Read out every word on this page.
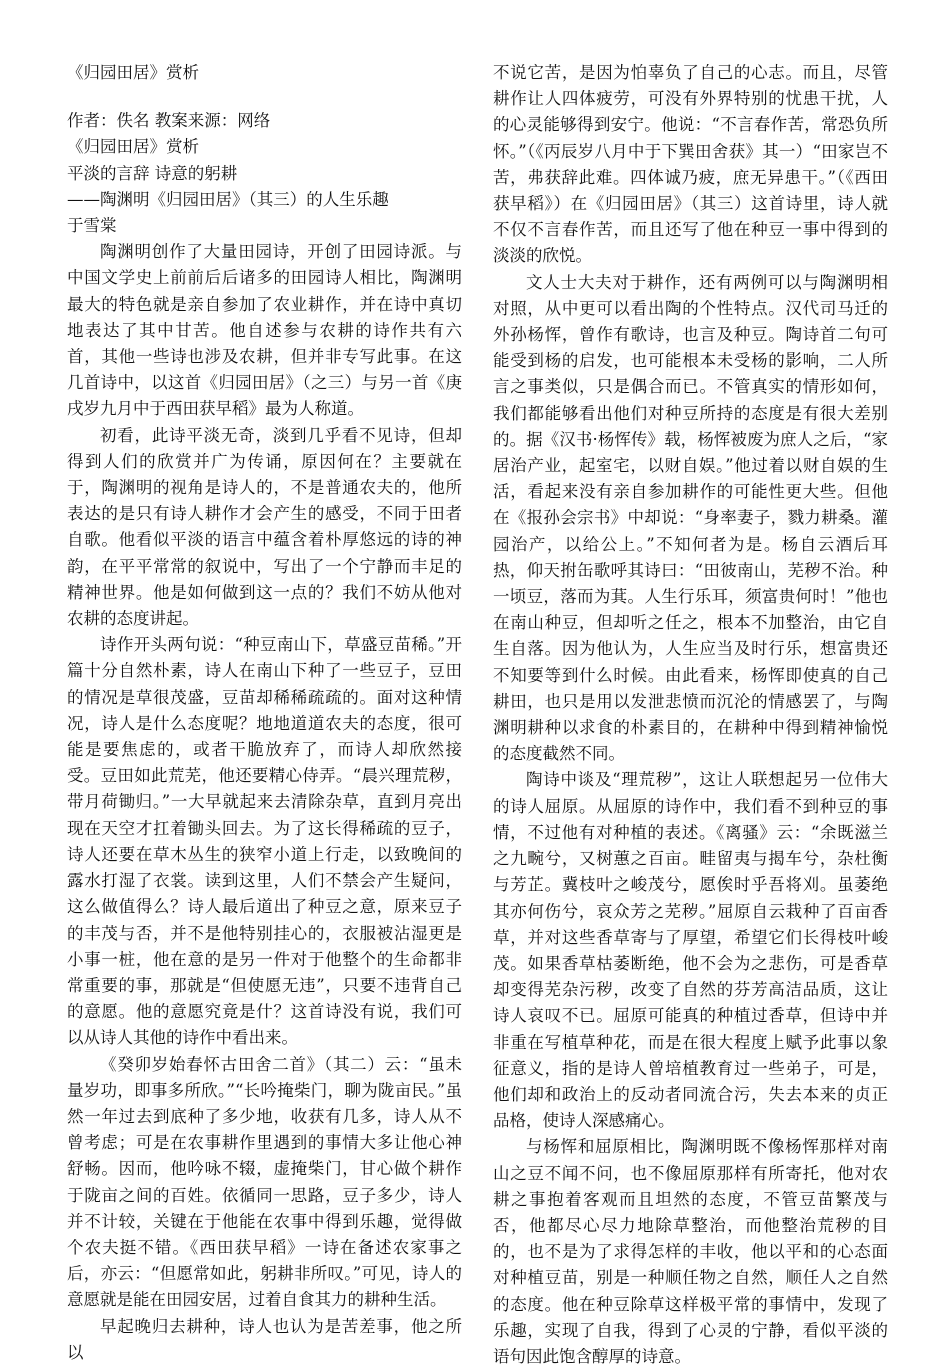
《归园田居》赏析

作者：佚名 教案来源：网络

《归园田居》赏析

平淡的言辞 诗意的躬耕

——陶渊明《归园田居》（其三）的人生乐趣

于雪棠

陶渊明创作了大量田园诗，开创了田园诗派。与中国文学史上前前后后诸多的田园诗人相比，陶渊明最大的特色就是亲自参加了农业耕作，并在诗中真切地表达了其中甘苦。他自述参与农耕的诗作共有六首，其他一些诗也涉及农耕，但并非专写此事。在这几首诗中，以这首《归园田居》（之三）与另一首《庚戌岁九月中于西田获早稻》最为人称道。

初看，此诗平淡无奇，淡到几乎看不见诗，但却得到人们的欣赏并广为传诵，原因何在？主要就在于，陶渊明的视角是诗人的，不是普通农夫的，他所表达的是只有诗人耕作才会产生的感受，不同于田者自歌。他看似平淡的语言中蕴含着朴厚悠远的诗的神韵，在平平常常的叙说中，写出了一个宁静而丰足的精神世界。他是如何做到这一点的？我们不妨从他对农耕的态度讲起。

诗作开头两句说：“种豆南山下，草盛豆苗稀。”开篇十分自然朴素，诗人在南山下种了一些豆子，豆田的情况是草很茂盛，豆苗却稀稀疏疏的。面对这种情况，诗人是什么态度呢？地地道道农夫的态度，很可能是要焦虑的，或者干脆放弃了，而诗人却欣然接受。豆田如此荒芜，他还要精心侍弄。“晨兴理荒秽，带月荷锄归。”一大早就起来去清除杂草，直到月亮出现在天空才扛着锄头回去。为了这长得稀疏的豆子，诗人还要在草木丛生的狭窄小道上行走，以致晚间的露水打湿了衣裳。读到这里，人们不禁会产生疑问，这么做值得么？诗人最后道出了种豆之意，原来豆子的丰茂与否，并不是他特别挂心的，衣服被沾湿更是小事一桩，他在意的是另一件对于他整个的生命都非常重要的事，那就是“但使愿无违”，只要不违背自己的意愿。他的意愿究竟是什？这首诗没有说，我们可以从诗人其他的诗作中看出来。

《癸卯岁始春怀古田舍二首》（其二）云：“虽未量岁功，即事多所欣。”“长吟掩柴门，聊为陇亩民。”虽然一年过去到底种了多少地，收获有几多，诗人从不曾考虑；可是在农事耕作里遇到的事情大多让他心神舒畅。因而，他吟咏不辍，虚掩柴门，甘心做个耕作于陇亩之间的百姓。依循同一思路，豆子多少，诗人并不计较，关键在于他能在农事中得到乐趣，觉得做个农夫挺不错。《西田获早稻》一诗在备述农家事之后，亦云：“但愿常如此，躬耕非所叹。”可见，诗人的意愿就是能在田园安居，过着自食其力的耕种生活。

早起晚归去耕种，诗人也认为是苦差事，他之所以

不说它苦，是因为怕辜负了自己的心志。而且，尽管耕作让人四体疲劳，可没有外界特别的忧患干扰，人的心灵能够得到安宁。他说：“不言春作苦，常恐负所怀。”（《丙辰岁八月中于下巽田舍获》其一）“田家岂不苦，弗获辞此难。四体诚乃疲，庶无异患干。”（《西田获早稻》）在《归园田居》（其三）这首诗里，诗人就不仅不言春作苦，而且还写了他在种豆一事中得到的淡淡的欣悦。

文人士大夫对于耕作，还有两例可以与陶渊明相对照，从中更可以看出陶的个性特点。汉代司马迁的外孙杨恽，曾作有歌诗，也言及种豆。陶诗首二句可能受到杨的启发，也可能根本未受杨的影响，二人所言之事类似，只是偶合而已。不管真实的情形如何，我们都能够看出他们对种豆所持的态度是有很大差别的。据《汉书·杨恽传》载，杨恽被废为庶人之后，“家居治产业，起室宅，以财自娱。”他过着以财自娱的生活，看起来没有亲自参加耕作的可能性更大些。但他在《报孙会宗书》中却说：“身率妻子，戮力耕桑。灌园治产，以给公上。”不知何者为是。杨自云酒后耳热，仰天拊缶歌呼其诗曰：“田彼南山，芜秽不治。种一顷豆，落而为萁。人生行乐耳，须富贵何时！”他也在南山种豆，但却听之任之，根本不加整治，由它自生自落。因为他认为，人生应当及时行乐，想富贵还不知要等到什么时候。由此看来，杨恽即使真的自己耕田，也只是用以发泄悲愤而沉沦的情感罢了，与陶渊明耕种以求食的朴素目的，在耕种中得到精神愉悦的态度截然不同。

陶诗中谈及“理荒秽”，这让人联想起另一位伟大的诗人屈原。从屈原的诗作中，我们看不到种豆的事情，不过他有对种植的表述。《离骚》云：“余既滋兰之九畹兮，又树蕙之百亩。畦留夷与揭车兮，杂杜衡与芳芷。冀枝叶之峻茂兮，愿俟时乎吾将刈。虽萎绝其亦何伤兮，哀众芳之芜秽。”屈原自云栽种了百亩香草，并对这些香草寄与了厚望，希望它们长得枝叶峻茂。如果香草枯萎断绝，他不会为之悲伤，可是香草却变得芜杂污秽，改变了自然的芬芳高洁品质，这让诗人哀叹不已。屈原可能真的种植过香草，但诗中并非重在写植草种花，而是在很大程度上赋予此事以象征意义，指的是诗人曾培植教育过一些弟子，可是，他们却和政治上的反动者同流合污，失去本来的贞正品格，使诗人深感痛心。

与杨恽和屈原相比，陶渊明既不像杨恽那样对南山之豆不闻不问，也不像屈原那样有所寄托，他对农耕之事抱着客观而且坦然的态度，不管豆苗繁茂与否，他都尽心尽力地除草整治，而他整治荒秽的目的，也不是为了求得怎样的丰收，他以平和的心态面对种植豆苗，别是一种顺任物之自然，顺任人之自然的态度。他在种豆除草这样极平常的事情中，发现了乐趣，实现了自我，得到了心灵的宁静，看似平淡的语句因此饱含醇厚的诗意。
